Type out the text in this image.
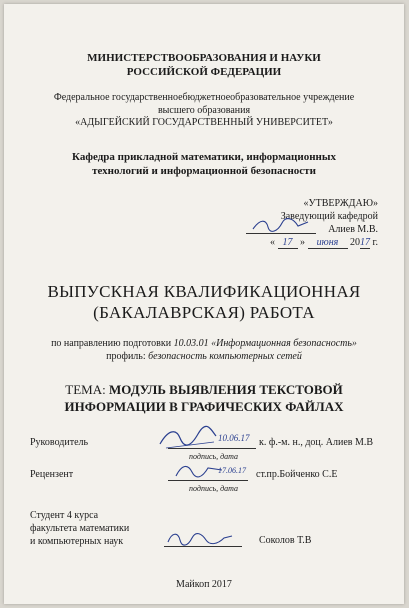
МИНИСТЕРСТВООБРАЗОВАНИЯ И НАУКИ
РОССИЙСКОЙ ФЕДЕРАЦИИ
Федеральное государственноебюджетноеобразовательное учреждение
высшего образования
«АДЫГЕЙСКИЙ ГОСУДАРСТВЕННЫЙ УНИВЕРСИТЕТ»
Кафедра прикладной математики, информационных
технологий и информационной безопасности
«УТВЕРЖДАЮ»
Заведующий кафедрой
Алиев М.В.
« 17 » июня 2017 г.
ВЫПУСКНАЯ КВАЛИФИКАЦИОННАЯ
(БАКАЛАВРСКАЯ) РАБОТА
по направлению подготовки 10.03.01 «Информационная безопасность»
профиль: безопасность компьютерных сетей
ТЕМА: МОДУЛЬ ВЫЯВЛЕНИЯ ТЕКСТОВОЙ
ИНФОРМАЦИИ В ГРАФИЧЕСКИХ ФАЙЛАХ
Руководитель	10.06.17 к. ф.-м. н., доц. Алиев М.В
подпись, дата
Рецензент	17.06.17 ст.пр.Бойченко С.Е
подпись, дата
Студент 4 курса
факультета математики
и компьютерных наук	Соколов Т.В
Майкоп 2017
